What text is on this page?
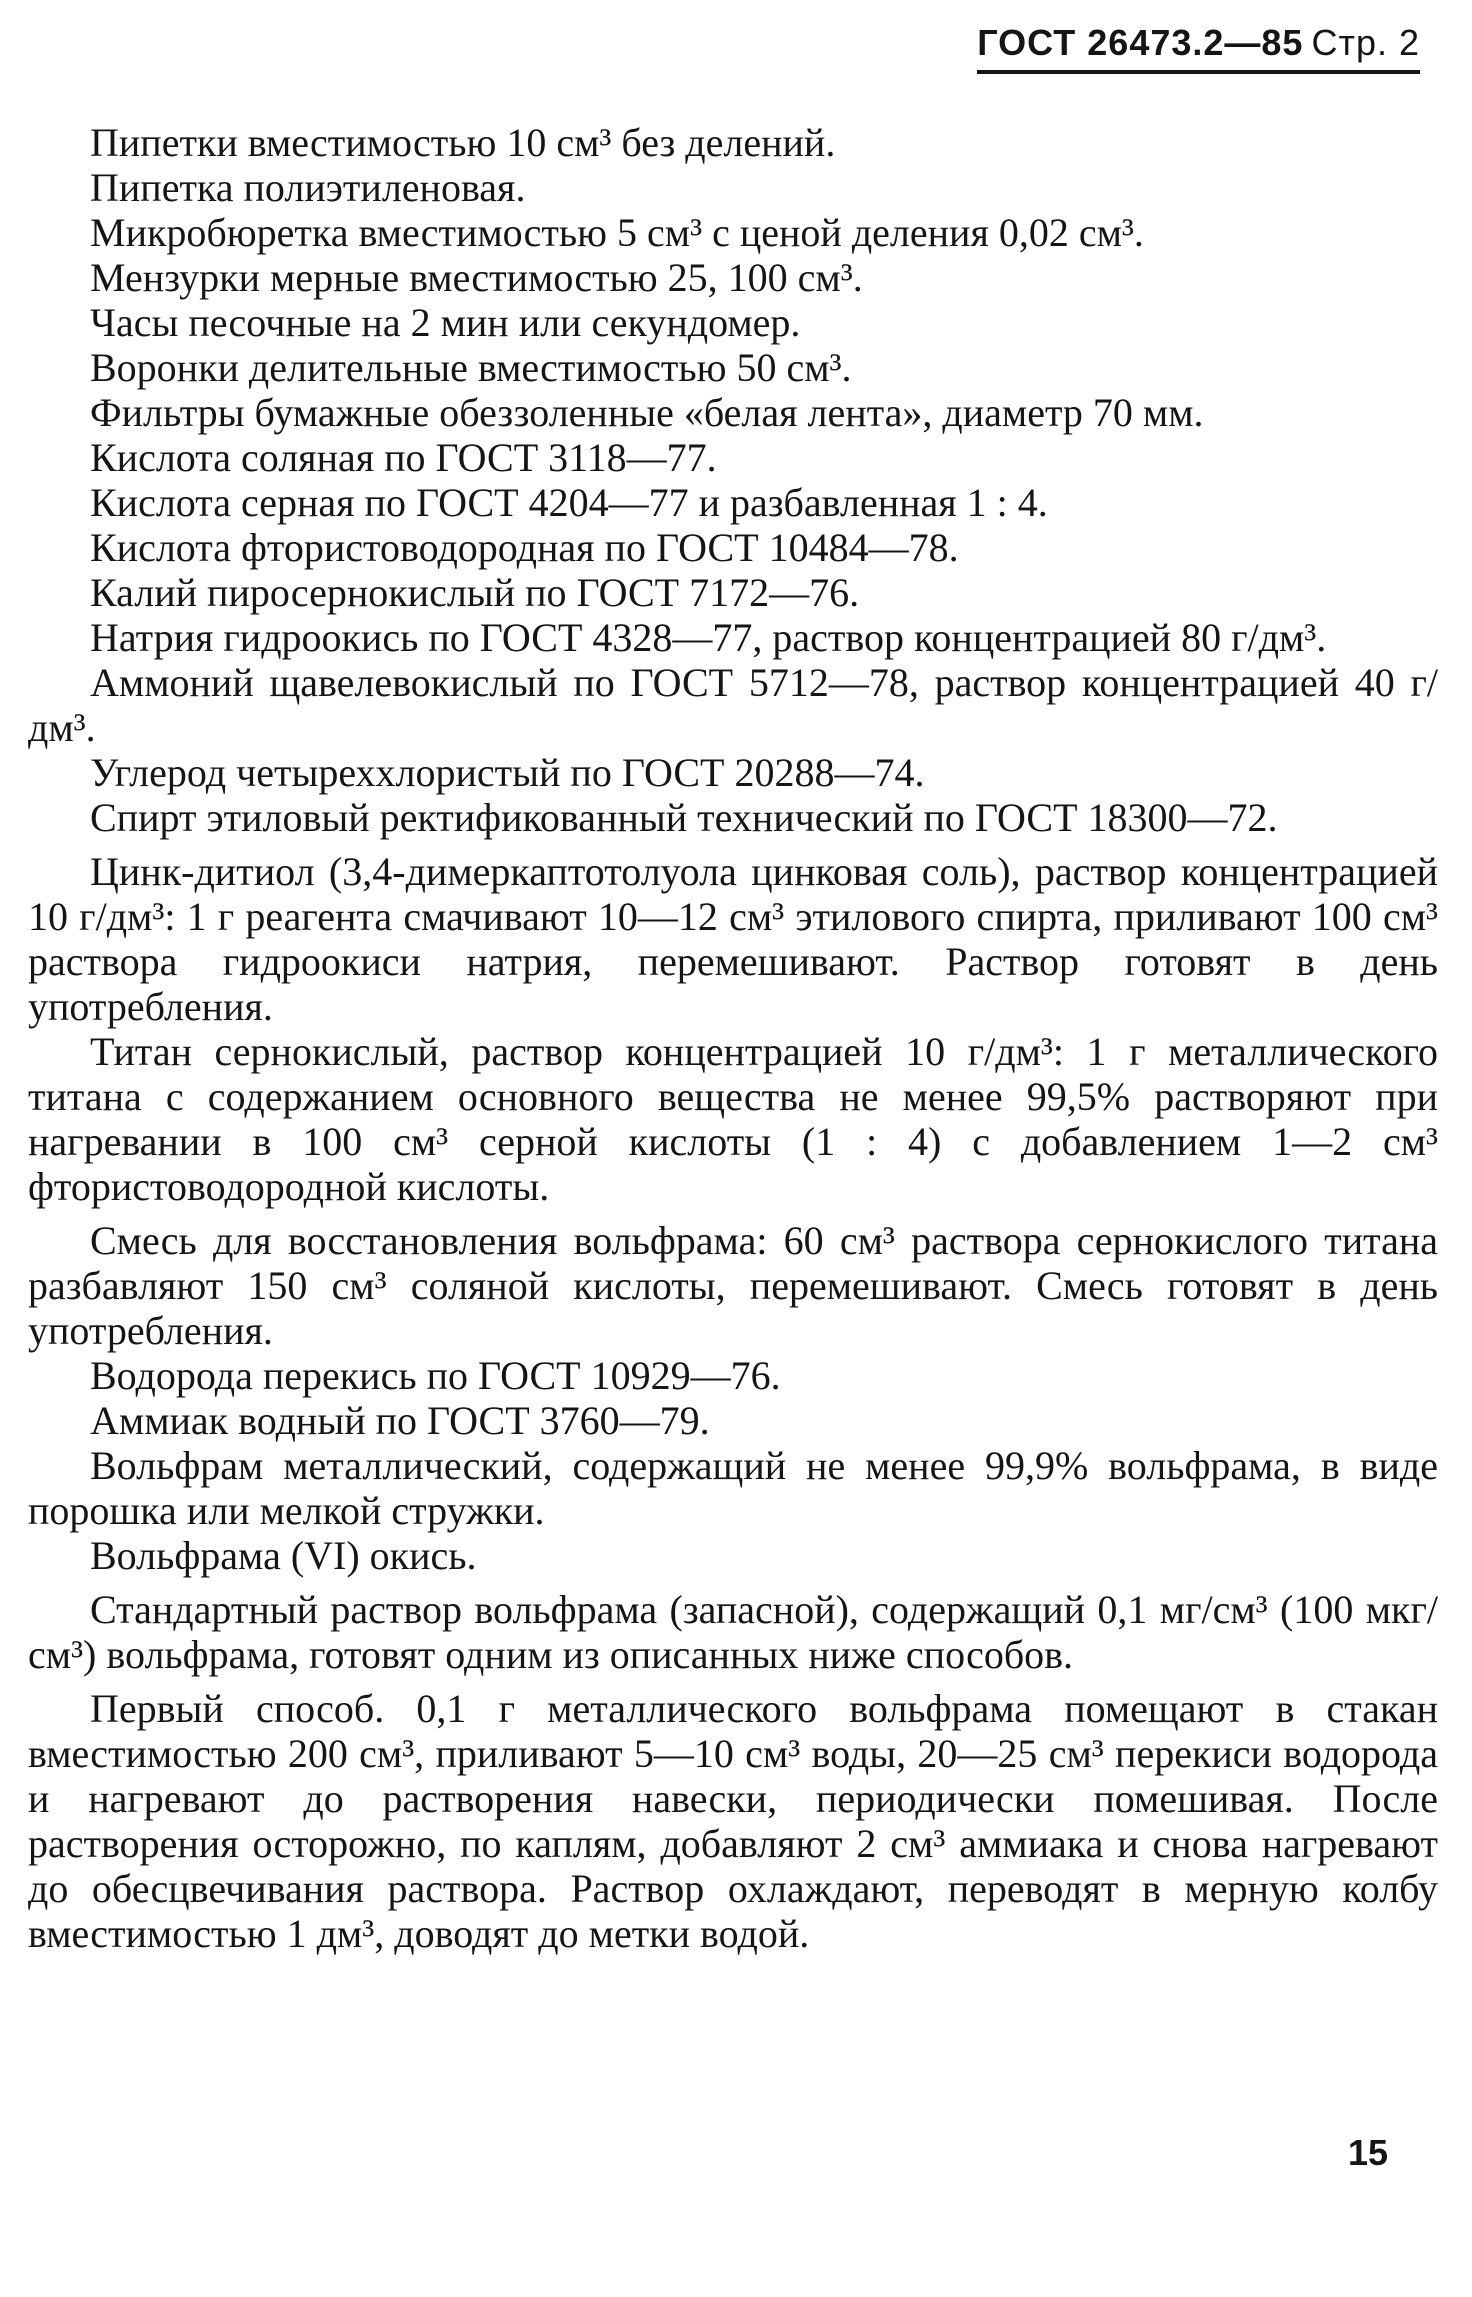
ГОСТ 26473.2—85 Стр. 2

Пипетки вместимостью 10 см³ без делений.

Пипетка полиэтиленовая.

Микробюретка вместимостью 5 см³ с ценой деления 0,02 см³.

Мензурки мерные вместимостью 25, 100 см³.

Часы песочные на 2 мин или секундомер.

Воронки делительные вместимостью 50 см³.

Фильтры бумажные обеззоленные «белая лента», диаметр 70 мм.

Кислота соляная по ГОСТ 3118—77.

Кислота серная по ГОСТ 4204—77 и разбавленная 1 : 4.

Кислота фтористоводородная по ГОСТ 10484—78.

Калий пиросернокислый по ГОСТ 7172—76.

Натрия гидроокись по ГОСТ 4328—77, раствор концентрацией 80 г/дм³.

Аммоний щавелевокислый по ГОСТ 5712—78, раствор концентрацией 40 г/дм³.

Углерод четыреххлористый по ГОСТ 20288—74.

Спирт этиловый ректификованный технический по ГОСТ 18300—72.

Цинк-дитиол (3,4-димеркаптотолуола цинковая соль), раствор концентрацией 10 г/дм³: 1 г реагента смачивают 10—12 см³ этилового спирта, приливают 100 см³ раствора гидроокиси натрия, перемешивают. Раствор готовят в день употребления.

Титан сернокислый, раствор концентрацией 10 г/дм³: 1 г металлического титана с содержанием основного вещества не менее 99,5% растворяют при нагревании в 100 см³ серной кислоты (1 : 4) с добавлением 1—2 см³ фтористоводородной кислоты.

Смесь для восстановления вольфрама: 60 см³ раствора сернокислого титана разбавляют 150 см³ соляной кислоты, перемешивают. Смесь готовят в день употребления.

Водорода перекись по ГОСТ 10929—76.

Аммиак водный по ГОСТ 3760—79.

Вольфрам металлический, содержащий не менее 99,9% вольфрама, в виде порошка или мелкой стружки.

Вольфрама (VI) окись.

Стандартный раствор вольфрама (запасной), содержащий 0,1 мг/см³ (100 мкг/см³) вольфрама, готовят одним из описанных ниже способов.

Первый способ. 0,1 г металлического вольфрама помещают в стакан вместимостью 200 см³, приливают 5—10 см³ воды, 20—25 см³ перекиси водорода и нагревают до растворения навески, периодически помешивая. После растворения осторожно, по каплям, добавляют 2 см³ аммиака и снова нагревают до обесцвечивания раствора. Раствор охлаждают, переводят в мерную колбу вместимостью 1 дм³, доводят до метки водой.

15
